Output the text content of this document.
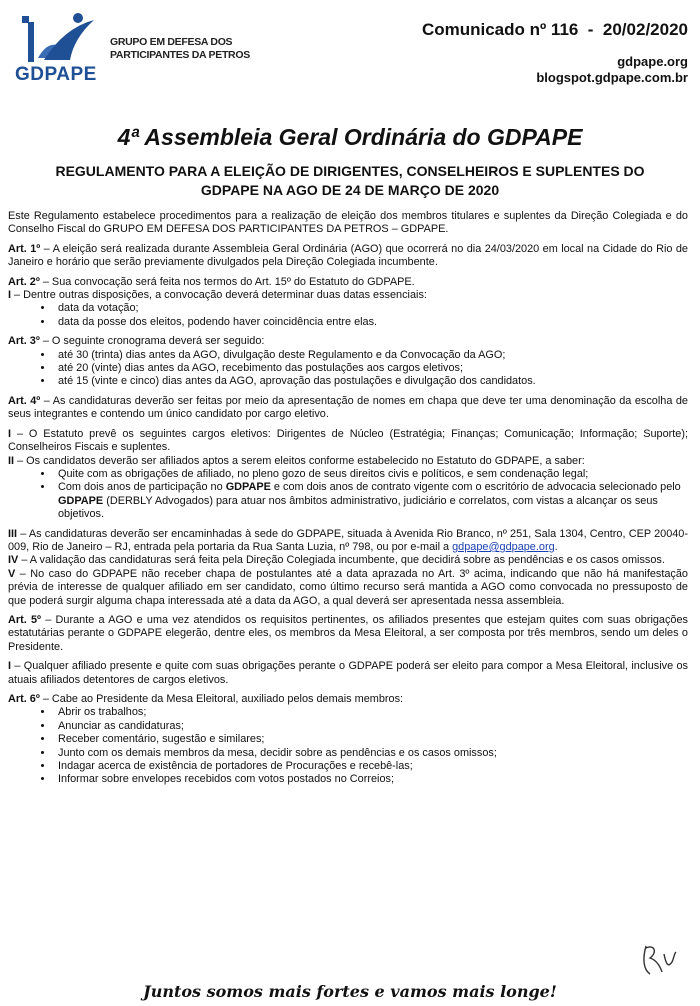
GDPAPE
GRUPO EM DEFESA DOS PARTICIPANTES DA PETROS
Comunicado nº 116  -  20/02/2020
gdpape.org
blogspot.gdpape.com.br
4ª Assembleia Geral Ordinária do GDPAPE
REGULAMENTO PARA A ELEIÇÃO DE DIRIGENTES, CONSELHEIROS E SUPLENTES DO GDPAPE NA AGO DE 24 DE MARÇO DE 2020

Este Regulamento estabelece procedimentos para a realização de eleição dos membros titulares e suplentes da Direção Colegiada e do Conselho Fiscal do GRUPO EM DEFESA DOS PARTICIPANTES DA PETROS – GDPAPE.

Art. 1º – A eleição será realizada durante Assembleia Geral Ordinária (AGO) que ocorrerá no dia 24/03/2020 em local na Cidade do Rio de Janeiro e horário que serão previamente divulgados pela Direção Colegiada incumbente.

Art. 2º – Sua convocação será feita nos termos do Art. 15º do Estatuto do GDPAPE.

I – Dentre outras disposições, a convocação deverá determinar duas datas essenciais:

• data da votação;
• data da posse dos eleitos, podendo haver coincidência entre elas.

Art. 3º – O seguinte cronograma deverá ser seguido:

• até 30 (trinta) dias antes da AGO, divulgação deste Regulamento e da Convocação da AGO;
• até 20 (vinte) dias antes da AGO, recebimento das postulações aos cargos eletivos;
• até 15 (vinte e cinco) dias antes da AGO, aprovação das postulações e divulgação dos candidatos.

Art. 4º – As candidaturas deverão ser feitas por meio da apresentação de nomes em chapa que deve ter uma denominação da escolha de seus integrantes e contendo um único candidato por cargo eletivo.

I – O Estatuto prevê os seguintes cargos eletivos: Dirigentes de Núcleo (Estratégia; Finanças; Comunicação; Informação; Suporte); Conselheiros Fiscais e suplentes.

II – Os candidatos deverão ser afiliados aptos a serem eleitos conforme estabelecido no Estatuto do GDPAPE, a saber:

• Quite com as obrigações de afiliado, no pleno gozo de seus direitos civis e políticos, e sem condenação legal;
• Com dois anos de participação no GDPAPE e com dois anos de contrato vigente com o escritório de advocacia selecionado pelo GDPAPE (DERBLY Advogados) para atuar nos âmbitos administrativo, judiciário e correlatos, com vistas a alcançar os seus objetivos.

III – As candidaturas deverão ser encaminhadas à sede do GDPAPE, situada à Avenida Rio Branco, nº 251, Sala 1304, Centro, CEP 20040-009, Rio de Janeiro – RJ, entrada pela portaria da Rua Santa Luzia, nº 798, ou por e-mail a gdpape@gdpape.org.

IV – A validação das candidaturas será feita pela Direção Colegiada incumbente, que decidirá sobre as pendências e os casos omissos.

V – No caso do GDPAPE não receber chapa de postulantes até a data aprazada no Art. 3º acima, indicando que não há manifestação prévia de interesse de qualquer afiliado em ser candidato, como último recurso será mantida a AGO como convocada no pressuposto de que poderá surgir alguma chapa interessada até a data da AGO, a qual deverá ser apresentada nessa assembleia.

Art. 5º – Durante a AGO e uma vez atendidos os requisitos pertinentes, os afiliados presentes que estejam quites com suas obrigações estatutárias perante o GDPAPE elegerão, dentre eles, os membros da Mesa Eleitoral, a ser composta por três membros, sendo um deles o Presidente.

I – Qualquer afiliado presente e quite com suas obrigações perante o GDPAPE poderá ser eleito para compor a Mesa Eleitoral, inclusive os atuais afiliados detentores de cargos eletivos.

Art. 6º – Cabe ao Presidente da Mesa Eleitoral, auxiliado pelos demais membros:

• Abrir os trabalhos;
• Anunciar as candidaturas;
• Receber comentário, sugestão e similares;
• Junto com os demais membros da mesa, decidir sobre as pendências e os casos omissos;
• Indagar acerca de existência de portadores de Procurações e recebê-las;
• Informar sobre envelopes recebidos com votos postados no Correios;
Juntos somos mais fortes e vamos mais longe!
